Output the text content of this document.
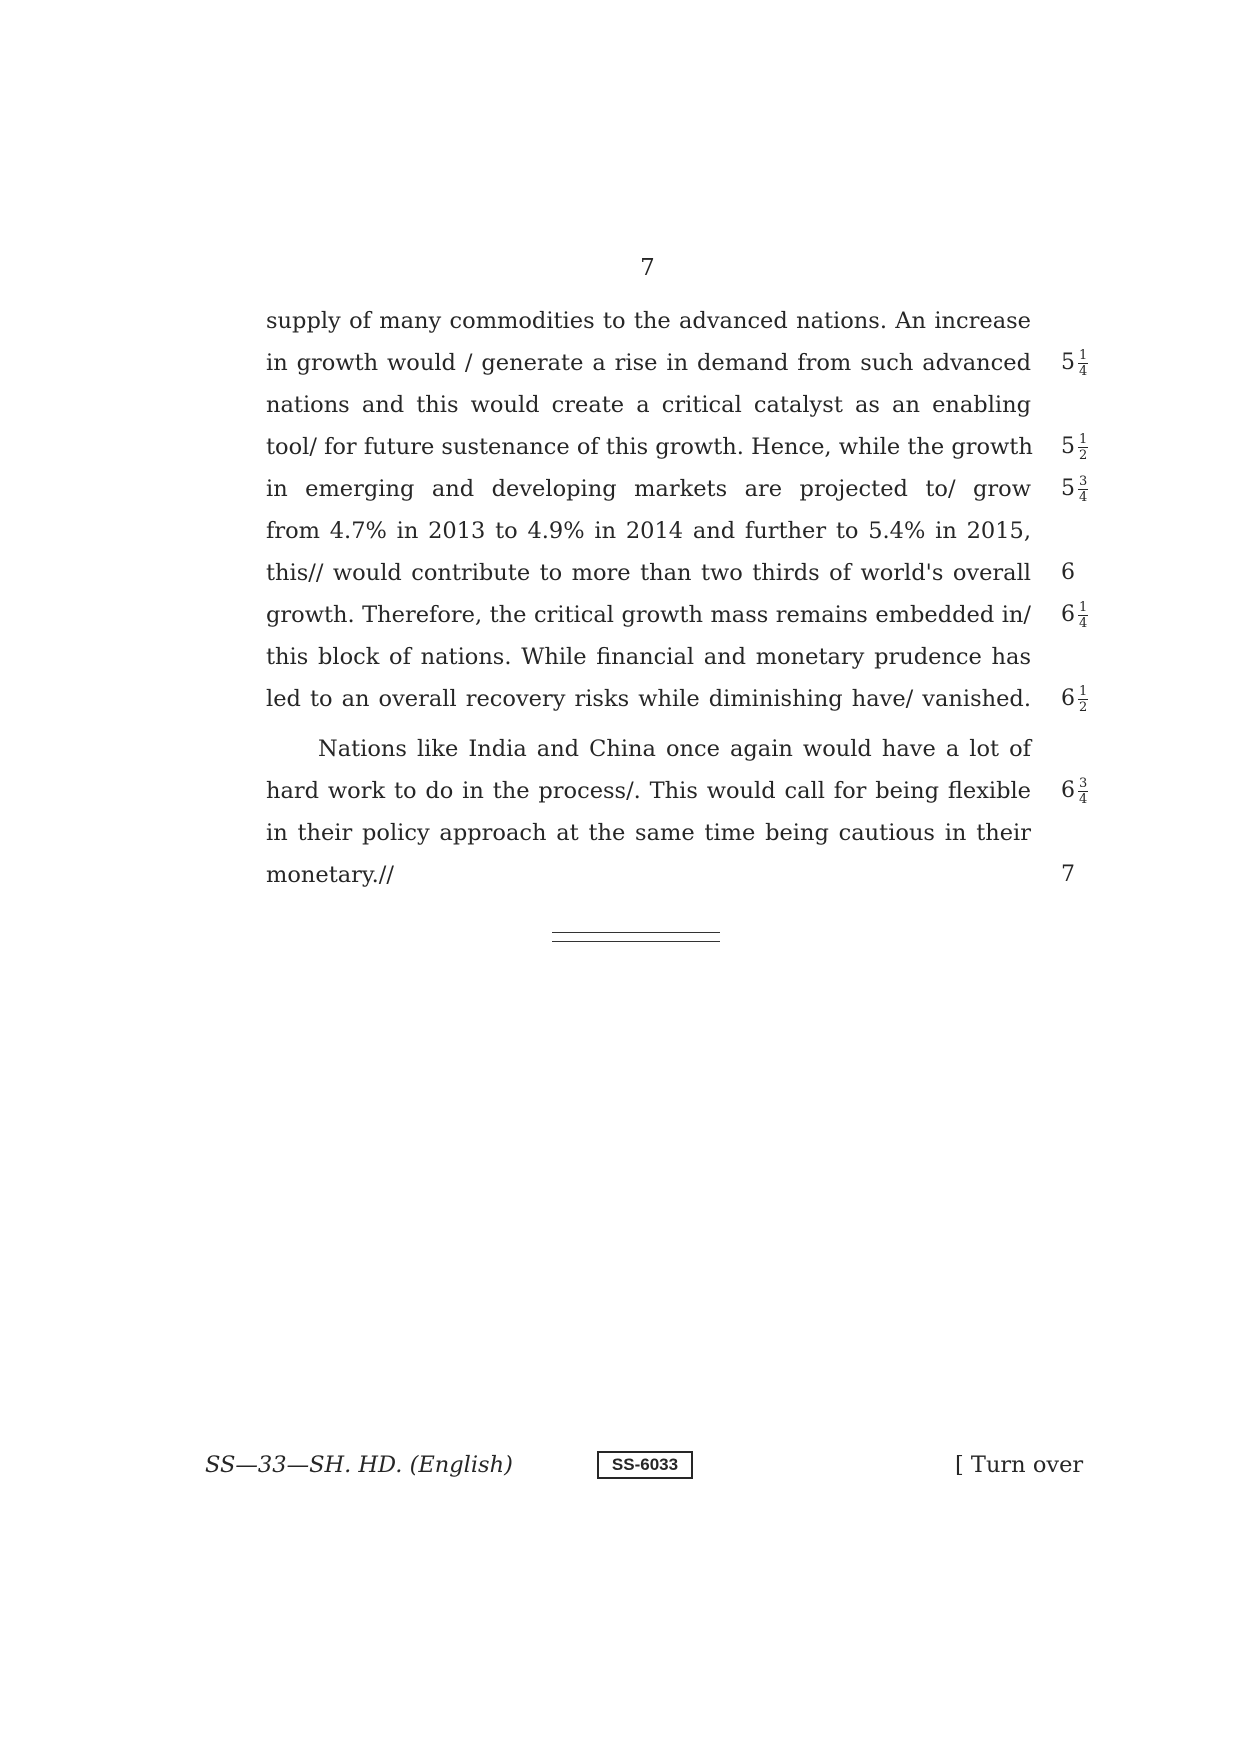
7
supply of many commodities to the advanced nations. An increase
in growth would / generate a rise in demand from such advanced $5 \frac{1}{4}$
nations and this would create a critical catalyst as an enabling
tool/ for future sustenance of this growth. Hence, while the growth $5 \frac{1}{2}$
in emerging and developing markets are projected to/ grow $5 \frac{3}{4}$
from 4.7% in 2013 to 4.9% in 2014 and further to 5.4% in 2015,
this// would contribute to more than two thirds of world's overall 6
growth. Therefore, the critical growth mass remains embedded in/ $6 \frac{1}{4}$
this block of nations. While financial and monetary prudence has
led to an overall recovery risks while diminishing have/ vanished. $6 \frac{1}{2}$
Nations like India and China once again would have a lot of
hard work to do in the process/. This would call for being flexible $6 \frac{3}{4}$
in their policy approach at the same time being cautious in their
monetary.//	7
SS—33—SH. HD. (English)	SS-6033	[ Turn over
